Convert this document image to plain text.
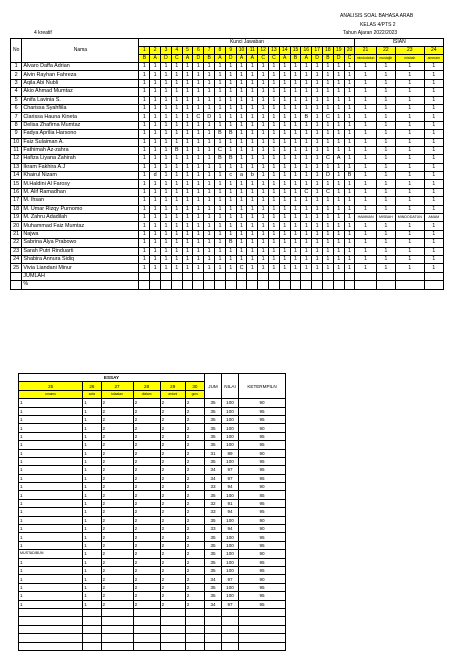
ANALISIS SOAL BAHASA ARAB
KELAS 4/PTS 2
Tahun Ajaran 2022/2023
4 kreatif
No	Nama	Kunci Jawaban																				ISIAN			
		1	2	3	4	5	6	7	8	9	10	11	12	13	14	15	16	17	18	19	20	21	22	23	24
		B	A	D	C	A	D	B	A	D	A	A	C	C	A	B	A	D	B	D	C	mindodatun	mustajib	misbah	ammam
1	Alvaro Daffa Adrian	1	1	1	1	1	1	1	1	1	1	1	1	1	1	1	1	1	1	1	1	1	1	1	1
2	Alvin Rayhan Fahreza	1	1	1	1	1	1	1	1	1	1	1	1	1	1	1	1	1	1	1	1	1	1	1	1
3	Aqila Abi Nubli	1	1	1	1	1	1	1	1	1	1	1	1	1	1	1	1	1	1	1	1	1	1	1	1
4	Akio Ahmad Mumtaz	1	1	1	1	1	1	1	1	1	1	1	1	1	1	1	1	1	1	1	1	1	1	1	1
5	Anifa Lavinia S.	1	1	1	1	1	1	1	1	1	1	1	1	1	1	1	1	1	1	1	1	1	1	1	1
6	Charissa Syahfiila	1	1	1	1	1	1	1	1	1	1	1	1	1	1	1	1	1	1	1	1	1	1	1	1
7	Clarissa Hauna Kineta	1	1	1	1	1	C	D	1	1	1	1	1	1	1	1	B	1	C	1	1	1	1	1	1
8	Delisa Zhafirna Mumtaz	1	1	1	1	1	1	1	1	1	1	1	1	1	1	1	1	1	1	1	1	1	1	1	1
9	Fadya Aprilia Harsono	1	1	1	1	1	1	1	B	B	1	1	1	1	1	1	1	1	1	1	1	1	1	1	1
10	Faiz Sulaiman A.	1	1	1	1	1	1	1	1	1	1	1	1	1	1	1	1	1	1	1	1	1	1	1	1
11	Fathimah Az-zahra	1	1	1	B	1	1	1	C	1	1	1	1	1	1	1	1	1	1	1	1	1	1	1	1
12	Hafiza Liyana Zahirah	1	1	1	1	1	1	1	B	B	1	1	1	1	1	1	1	1	C	A	1	1	1	1	1
13	Ikram Fakhira A.J	1	1	1	1	1	1	1	1	1	1	1	1	1	1	1	1	1	1	1	1	1	1	1	1
14	Khairul Nizam	1	d	1	1	1	1	1	1	c	a	b	1	1	1	1	1	1	D	1	B	1	1	1	1
15	M.Haldini Al Farosy	1	1	1	1	1	1	1	1	1	1	1	1	1	1	1	1	1	1	1	1	1	1	1	1
16	M. Alif Ramadhan	1	1	1	1	1	1	1	1	1	1	1	1	1	1	1	C	1	C	1	1	1	1	1	1
17	M. Ihsan	1	1	1	1	1	1	1	1	1	1	1	1	1	1	1	1	1	1	1	1	1	1	1	1
18	M. Umar Rizqy Purnomo	1	1	1	1	1	1	1	1	1	1	1	1	1	1	1	1	1	1	1	1	1	1	1	1
19	M. Zahru Adadilah	1	1	1	1	1	1	1	1	1	1	1	1	1	1	1	1	1	1	1	1	HAMMAN	MISBAH	MINDODATUN	AMAM
20	Muhammad Faiz Mumtaz	1	1	1	1	1	1	1	1	1	1	1	1	1	1	1	1	1	1	1	1	1	1	1	1
21	Najwa	1	1	1	1	1	1	1	1	1	1	1	1	1	1	1	1	1	1	1	1	1	1	1	1
22	Sabrina Alya Prabowo	1	1	1	1	1	1	1	1	B	1	1	1	1	1	1	1	1	1	1	1	1	1	1	1
23	Sarah Putri Rinduarti	1	1	1	1	1	1	1	1	1	1	1	1	1	1	1	1	1	1	1	1	1	1	1	1
24	Shabira Annura Sidiq	1	1	1	1	1	1	1	1	1	1	1	1	1	1	1	1	1	1	1	1	1	1	1	1
25	Vivia Liandani Minur	1	1	1	1	1	1	1	1	1	C	1	1	1	1	1	1	1	1	1	1	1	1	1	1
	JUMLAH																								
	%																								
ESSAY						JUM	NILAI	KETERMPILN
25	26	27	28	29	30			
umamu	sofa	tulaatan	dialam	antuni	guru			
1	1	2	2	2	2	35	100	90
1	1	2	2	2	2	35	100	95
1	1	2	2	2	2	35	100	95
1	1	2	2	2	2	35	100	90
1	1	2	2	2	2	35	100	95
1	1	2	2	2	2	35	100	95
1	1	2	2	2	2	31	89	90
1	1	2	2	2	2	35	100	95
1	1	2	2	2	2	34	97	95
1	1	2	2	2	2	34	97	95
1	1	2	2	2	2	33	94	90
1	1	2	2	2	2	35	100	85
1	1	2	2	2	2	32	91	95
1	1	2	2	2	2	33	94	95
1	1	2	2	2	2	35	100	90
1	1	2	2	2	2	33	94	90
1	1	2	2	2	2	35	100	95
1	1	2	2	2	2	35	100	95
MUSTADIBUN	1	2	2	2	2	35	100	90
1	1	2	2	2	2	35	100	95
1	1	2	2	2	2	35	100	95
1	1	2	2	2	2	34	97	90
1	1	2	2	2	2	35	100	95
1	1	2	2	2	2	35	100	95
1	1	2	2	2	2	34	97	95
